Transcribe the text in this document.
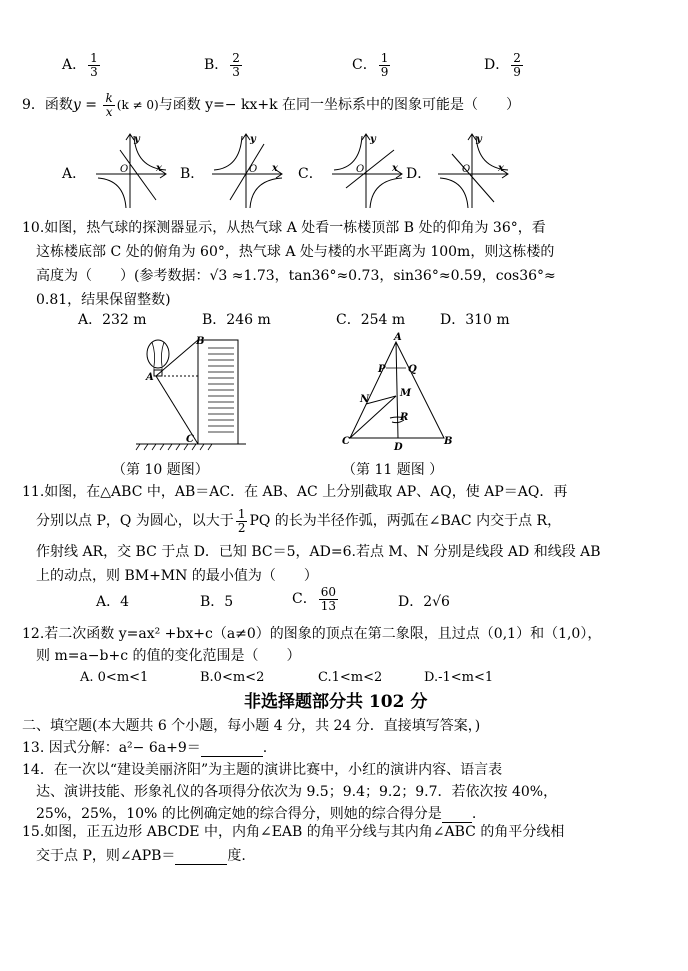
A． $\frac{1}{3}$	B． $\frac{2}{3}$	C． $\frac{1}{9}$	D． $\frac{2}{9}$
9．函数$y = \frac{k}{x} (k \ne 0)$与函数 y=− kx+k 在同一坐标系中的图象可能是（　　）
A．	B．	C．	D．
y
x
O
y
x
O
y
x
O
y
x
O
10.如图，热气球的探测器显示，从热气球 A 处看一栋楼顶部 B 处的仰角为 36°，看
这栋楼底部 C 处的俯角为 60°，热气球 A 处与楼的水平距离为 100m，则这栋楼的
高度为（　　）(参考数据：√3 ≈1.73，tan36°≈0.73，sin36°≈0.59，cos36°≈
0.81，结果保留整数)
A．232 m	B．246 m	C．254 m D．310 m
A
B
C
（第 10 题图）
A
P Q
N
M
R
C
D
B
（第 11 题图 ）
11.如图，在△ABC 中，AB＝AC．在 AB、AC 上分别截取 AP、AQ，使 AP＝AQ．再
分别以点 P，Q 为圆心，以大于 $\frac{1}{2}$ PQ 的长为半径作弧，两弧在∠BAC 内交于点 R，
作射线 AR，交 BC 于点 D．已知 BC＝5，AD=6.若点 M、N 分别是线段 AD 和线段 AB
上的动点，则 BM+MN 的最小值为（　　）
A．4	B．5	C． $\frac{60}{13}$	D．2√6
12.若二次函数 y=ax² +bx+c（a≠0）的图象的顶点在第二象限，且过点（0,1）和（1,0），
则 m=a−b+c 的值的变化范围是（　　）
A. 0<m<1	B.0<m<2	C.1<m<2	D.-1<m<1
非选择题部分共 102 分
二、填空题(本大题共 6 个小题，每小题 4 分，共 24 分．直接填写答案，)
13. 因式分解：a²− 6a+9＝	.
14．在一次以“建设美丽济阳”为主题的演讲比赛中，小红的演讲内容、语言表
达、演讲技能、形象礼仪的各项得分依次为 9.5；9.4；9.2；9.7．若依次按 40%，
25%，25%，10% 的比例确定她的综合得分，则她的综合得分是 .
15.如图，正五边形 ABCDE 中，内角∠EAB 的角平分线与其内角∠ABC 的角平分线相
交于点 P，则∠APB＝	度.
